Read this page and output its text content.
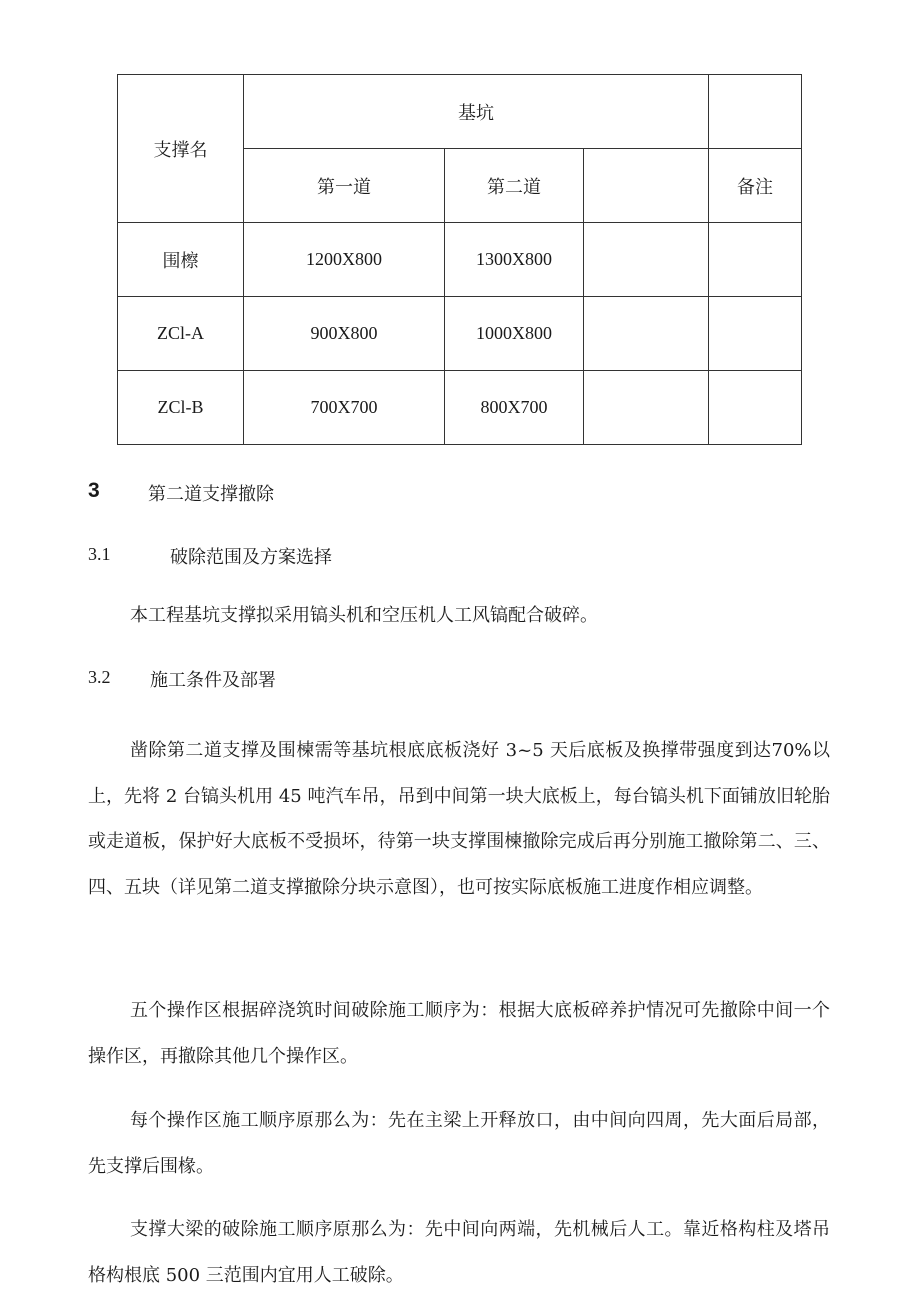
支撑名	基坑			
	第一道	第二道		备注
围檫	1200X800	1300X800		
ZCl-A	900X800	1000X800		
ZCl-B	700X700	800X700		
3	第二道支撑撤除
3.1	破除范围及方案选择
本工程基坑支撑拟采用镐头机和空压机人工风镐配合破碎。
3.2 施工条件及部署
凿除第二道支撑及围楝需等基坑根底底板浇好 3~5 天后底板及换撑带强度到达70%以上，先将 2 台镐头机用 45 吨汽车吊，吊到中间第一块大底板上，每台镐头机下面铺放旧轮胎或走道板，保护好大底板不受损坏，待第一块支撑围楝撤除完成后再分别施工撤除第二、三、四、五块（详见第二道支撑撤除分块示意图），也可按实际底板施工进度作相应调整。
五个操作区根据碎浇筑时间破除施工顺序为：根据大底板碎养护情况可先撤除中间一个操作区，再撤除其他几个操作区。
每个操作区施工顺序原那么为：先在主梁上开释放口，由中间向四周，先大面后局部，先支撑后围椽。
支撑大梁的破除施工顺序原那么为：先中间向两端，先机械后人工。靠近格构柱及塔吊格构根底 500 三范围内宜用人工破除。
